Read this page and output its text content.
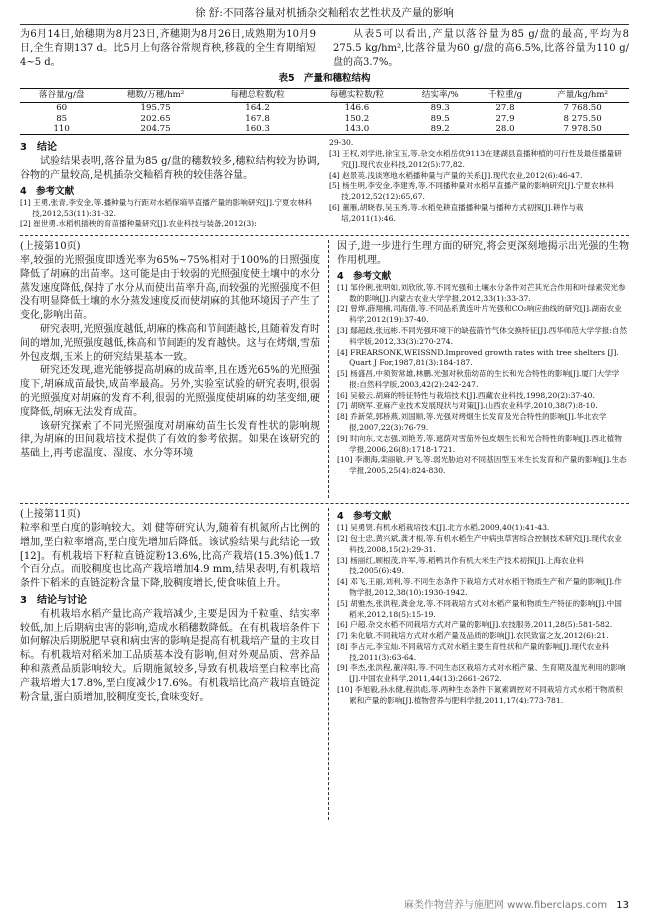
徐 舒:不同落谷量对机插杂交籼稻农艺性状及产量的影响

为6月14日,始穗期为8月23日,齐穗期为8月26日,成熟期为10月9日,全生育期137 d。比5月上旬落谷常规育秧,移栽的全生育期缩短4~5 d。

从表5可以看出,产量以落谷量为85 g/盘的最高,平均为8 275.5 kg/hm²,比落谷量为60 g/盘的高6.5%,比落谷量为110 g/盘的高3.7%。

表5　产量和穗粒结构
落谷量/g/盘	穗数/万穗/hm²	每穗总粒数/粒	每穗实粒数/粒	结实率/%	千粒重/g	产量/kg/hm²
60	195.75	164.2	146.6	89.3	27.8	7 768.50
85	202.65	167.8	150.2	89.5	27.9	8 275.50
110	204.75	160.3	143.0	89.2	28.0	7 978.50
3　结论

试验结果表明,落谷量为85 g/盘的穗数较多,穗粒结构较为协调,谷物的产量较高,是机插杂交籼稻育秧的较佳落谷量。

4　参考文献
[1] 王勇,张青,李安金,等.播种量与行距对水稻保墒旱直播产量的影响研究[J].宁夏农林科技,2012,53(11):31-32.
[2] 崔世勇.水稻机插秧的育苗播种量研究[J].农业科技与装备,2012(3):
29-30.
[3] 王权,刘学进,徐宝玉,等.杂交水稻岳优9113在建湖县直播种植的可行性及最佳播量研究[J].现代农业科技,2012(5):77,82.
[4] 赵景英.浅谈寒地水稻播种量与产量的关系[J].现代农业,2012(6):46-47.
[5] 杨生明,李安金,李建秀,等.不同播种量对水稻早直播产量的影响研究[J].宁夏农林科技,2012,52(12):65,67.
[6] 董雁,胡晓春,吴玉秀,等.水稻免耕直播播种量与播种方式初探[J].耕作与栽培,2011(1):46.
(上接第10页)

率,较强的光照强度即透光率为65%~75%相对于100%的日照强度降低了胡麻的出苗率。这可能是由于较弱的光照强度使土壤中的水分蒸发速度降低,保持了水分从而使出苗率升高,而较强的光照强度不但没有明显降低土壤的水分蒸发速度反而使胡麻的其他环境因子产生了变化,影响出苗。

研究表明,光照强度越低,胡麻的株高和节间距越长,且随着发育时间的增加,光照强度越低,株高和节间距的发育越快。这与在烤烟,雪茄外包皮烟,玉米上的研究结果基本一致。

研究还发现,遮光能够提高胡麻的成苗率,且在透光65%的光照强度下,胡麻成苗最快,成苗率最高。另外,实验室试验的研究表明,很弱的光照强度对胡麻的发育不利,很弱的光照强度使胡麻的幼茎变细,硬度降低,胡麻无法发育成苗。

该研究探索了不同光照强度对胡麻幼苗生长发育性状的影响规律,为胡麻的田间栽培技术提供了有效的参考依据。如果在该研究的基础上,再考虑温度、湿度、水分等环境

因子,进一步进行生理方面的研究,将会更深刻地揭示出光强的生物作用机理。

4　参考文献
[1] 邹伶俐,张明如,刘欣欣,等.不同光强和土壤水分条件对芒其光合作用和叶绿素荧光参数的影响[J].内蒙古农业大学学报,2012,33(1):33-37.
[2] 曾烨,薛翔楠,司海倩,等.不同品系黄连叶片光强和CO₂响应曲线的研究[J].湖南农业科学,2012(19):37-40.
[3] 鄢超歧,张远彬.不同光强环境下的缺苞箭竹气体交换特征[J].西华师范大学学报:自然科学版,2012,33(3):270-274.
[4] FREARSONK,WEISSND.Improved growth rates with tree shelters [J]. Quart J For,1987,81(3):184-187.
[5] 杨盛昌,中须贺常雄,林鹏.光强对秋茄幼苗的生长和光合特性的影响[J].厦门大学学报:自然科学版,2003,42(2):242-247.
[6] 吴毅云.胡麻的特征特性与栽培技术[J].西藏农业科技,1998,20(2):37-40.
[7] 胡晓军.亚麻产业技术发展现状与对策[J].山西农业科学,2010,38(7):8-10.
[8] 乔新荣,郭桥燕,刘国顺,等.光强对烤烟生长发育及光合特性的影响[J].华北农学报,2007,22(3):76-79.
[9] 时向东,文志强,刘艳芳,等.遮荫对雪茄外包皮烟生长和光合特性的影响[J].西北植物学报,2006,26(8):1718-1721.
[10] 李潮海,栾丽敏,尹飞,等.弱光胁迫对不同基因型玉米生长发育和产量的影响[J].生态学报,2005,25(4):824-830.
(上接第11页)

粒率和垩白度的影响较大。刘 健等研究认为,随着有机氮所占比例的增加,垩白粒率增高,垩白度先增加后降低。该试验结果与此结论一致[12]。有机栽培下籽粒直链淀粉13.6%,比高产栽培(15.3%)低1.7个百分点。而胶稠度也比高产栽培增加4.9 mm,结果表明,有机栽培条件下稻米的直链淀粉含量下降,胶稠度增长,使食味值上升。

3　结论与讨论

有机栽培水稻产量比高产栽培减少,主要是因为千粒重、结实率较低,加上后期病虫害的影响,造成水稻穗数降低。在有机栽培条件下如何解决后期脱肥早衰和病虫害的影响是提高有机栽培产量的主攻目标。有机栽培对稻米加工品质基本没有影响,但对外观品质、营养品种和蒸煮品质影响较大。后期施氮较多,导致有机栽培垩白粒率比高产栽培增大17.8%,垩白度减少17.6%。有机栽培比高产栽培直链淀粉含量,蛋白质增加,胶稠度变长,食味变好。

4　参考文献
[1] 吴勇贤.有机水稻栽培技术[J].北方水稻,2009,40(1):41-43.
[2] 包士忠,黄兴斌,龚才根,等.有机水稻生产中病虫草害综合控制技术研究[J].现代农业科技,2008,15(2):29-31.
[3] 杨丽红,顾根茂,许军,等.稻鸭共作有机大米生产技术初探[J].上海农业科技,2005(6):49.
[4] 邓飞,王丽,刘利,等.不同生态条件下栽培方式对水稻干物质生产和产量的影响[J].作物学报,2012,38(10):1930-1942.
[5] 胡雅杰,张洪程,龚金龙,等.不同栽培方式对水稻产量和物质生产特征的影响[J].中国稻米,2012,18(5):15-19.
[6] 户超.杂交水稻不同栽培方式对产量的影响[J].农技服务,2011,28(5):581-582.
[7] 朱化敏.不同栽培方式对水稻产量及品质的影响[J].农民致富之友,2012(6):21.
[8] 李占元,李宝灿.不同栽培方式对水稻主要生育性状和产量的影响[J].现代农业科技,2011(3):63-64.
[9] 李杰,张洪程,董洋阳,等.不同生态区栽培方式对水稻产量、生育期及温光利用的影响[J].中国农业科学,2011,44(13):2661-2672.
[10] 李旭毅,孙永健,程洪彪,等.两种生态条件下氮素调控对不同栽培方式水稻干物质积累和产量的影响[J].植物营养与肥料学报,2011,17(4):773-781.
麻类作物营养与施肥网 www.fiberclaps.com 13
